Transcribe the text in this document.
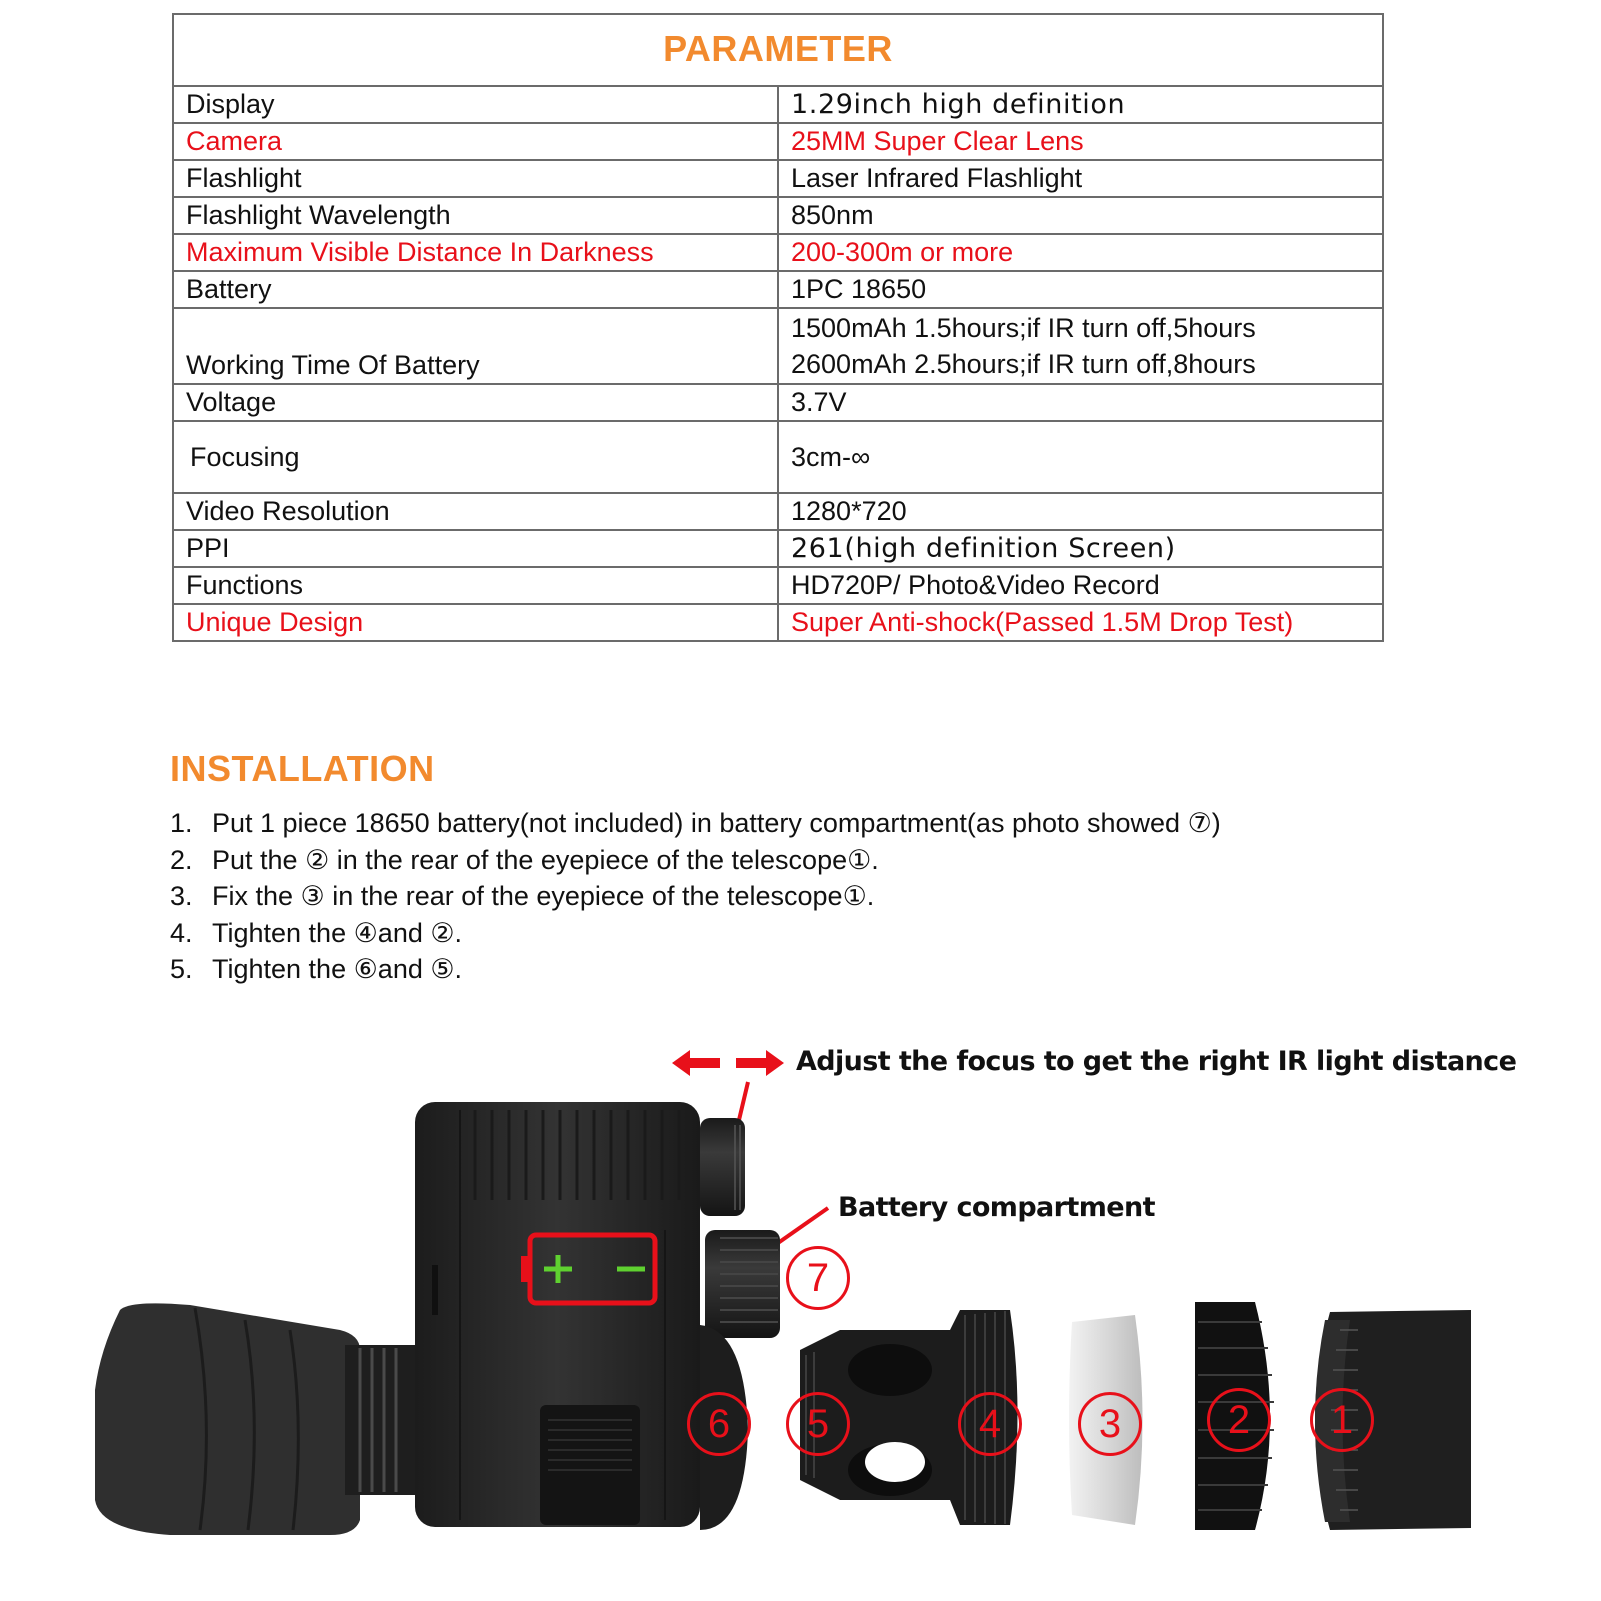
PARAMETER	
Display	1.29inch high definition
Camera	25MM Super Clear Lens
Flashlight	Laser Infrared Flashlight
Flashlight Wavelength	850nm
Maximum Visible Distance In Darkness	200-300m or more
Battery	1PC 18650
Working Time Of Battery	1500mAh 1.5hours;if IR turn off,5hours
2600mAh 2.5hours;if IR turn off,8hours

Voltage	3.7V
Focusing	3cm-∞
Video Resolution	1280*720
PPI	261(high definition Screen)
Functions	HD720P/ Photo&Video Record
Unique Design	Super Anti-shock(Passed 1.5M Drop Test)
INSTALLATION
1. Put 1 piece 18650 battery(not included) in battery compartment(as photo showed ⑦)
2. Put the ② in the rear of the eyepiece of the telescope①.
3. Fix the ③ in the rear of the eyepiece of the telescope①.
4. Tighten the ④and ②.
5. Tighten the ⑥and ⑤.
Adjust the focus to get the right IR light distance
Battery compartment
7
6	5	4	3	2	1
